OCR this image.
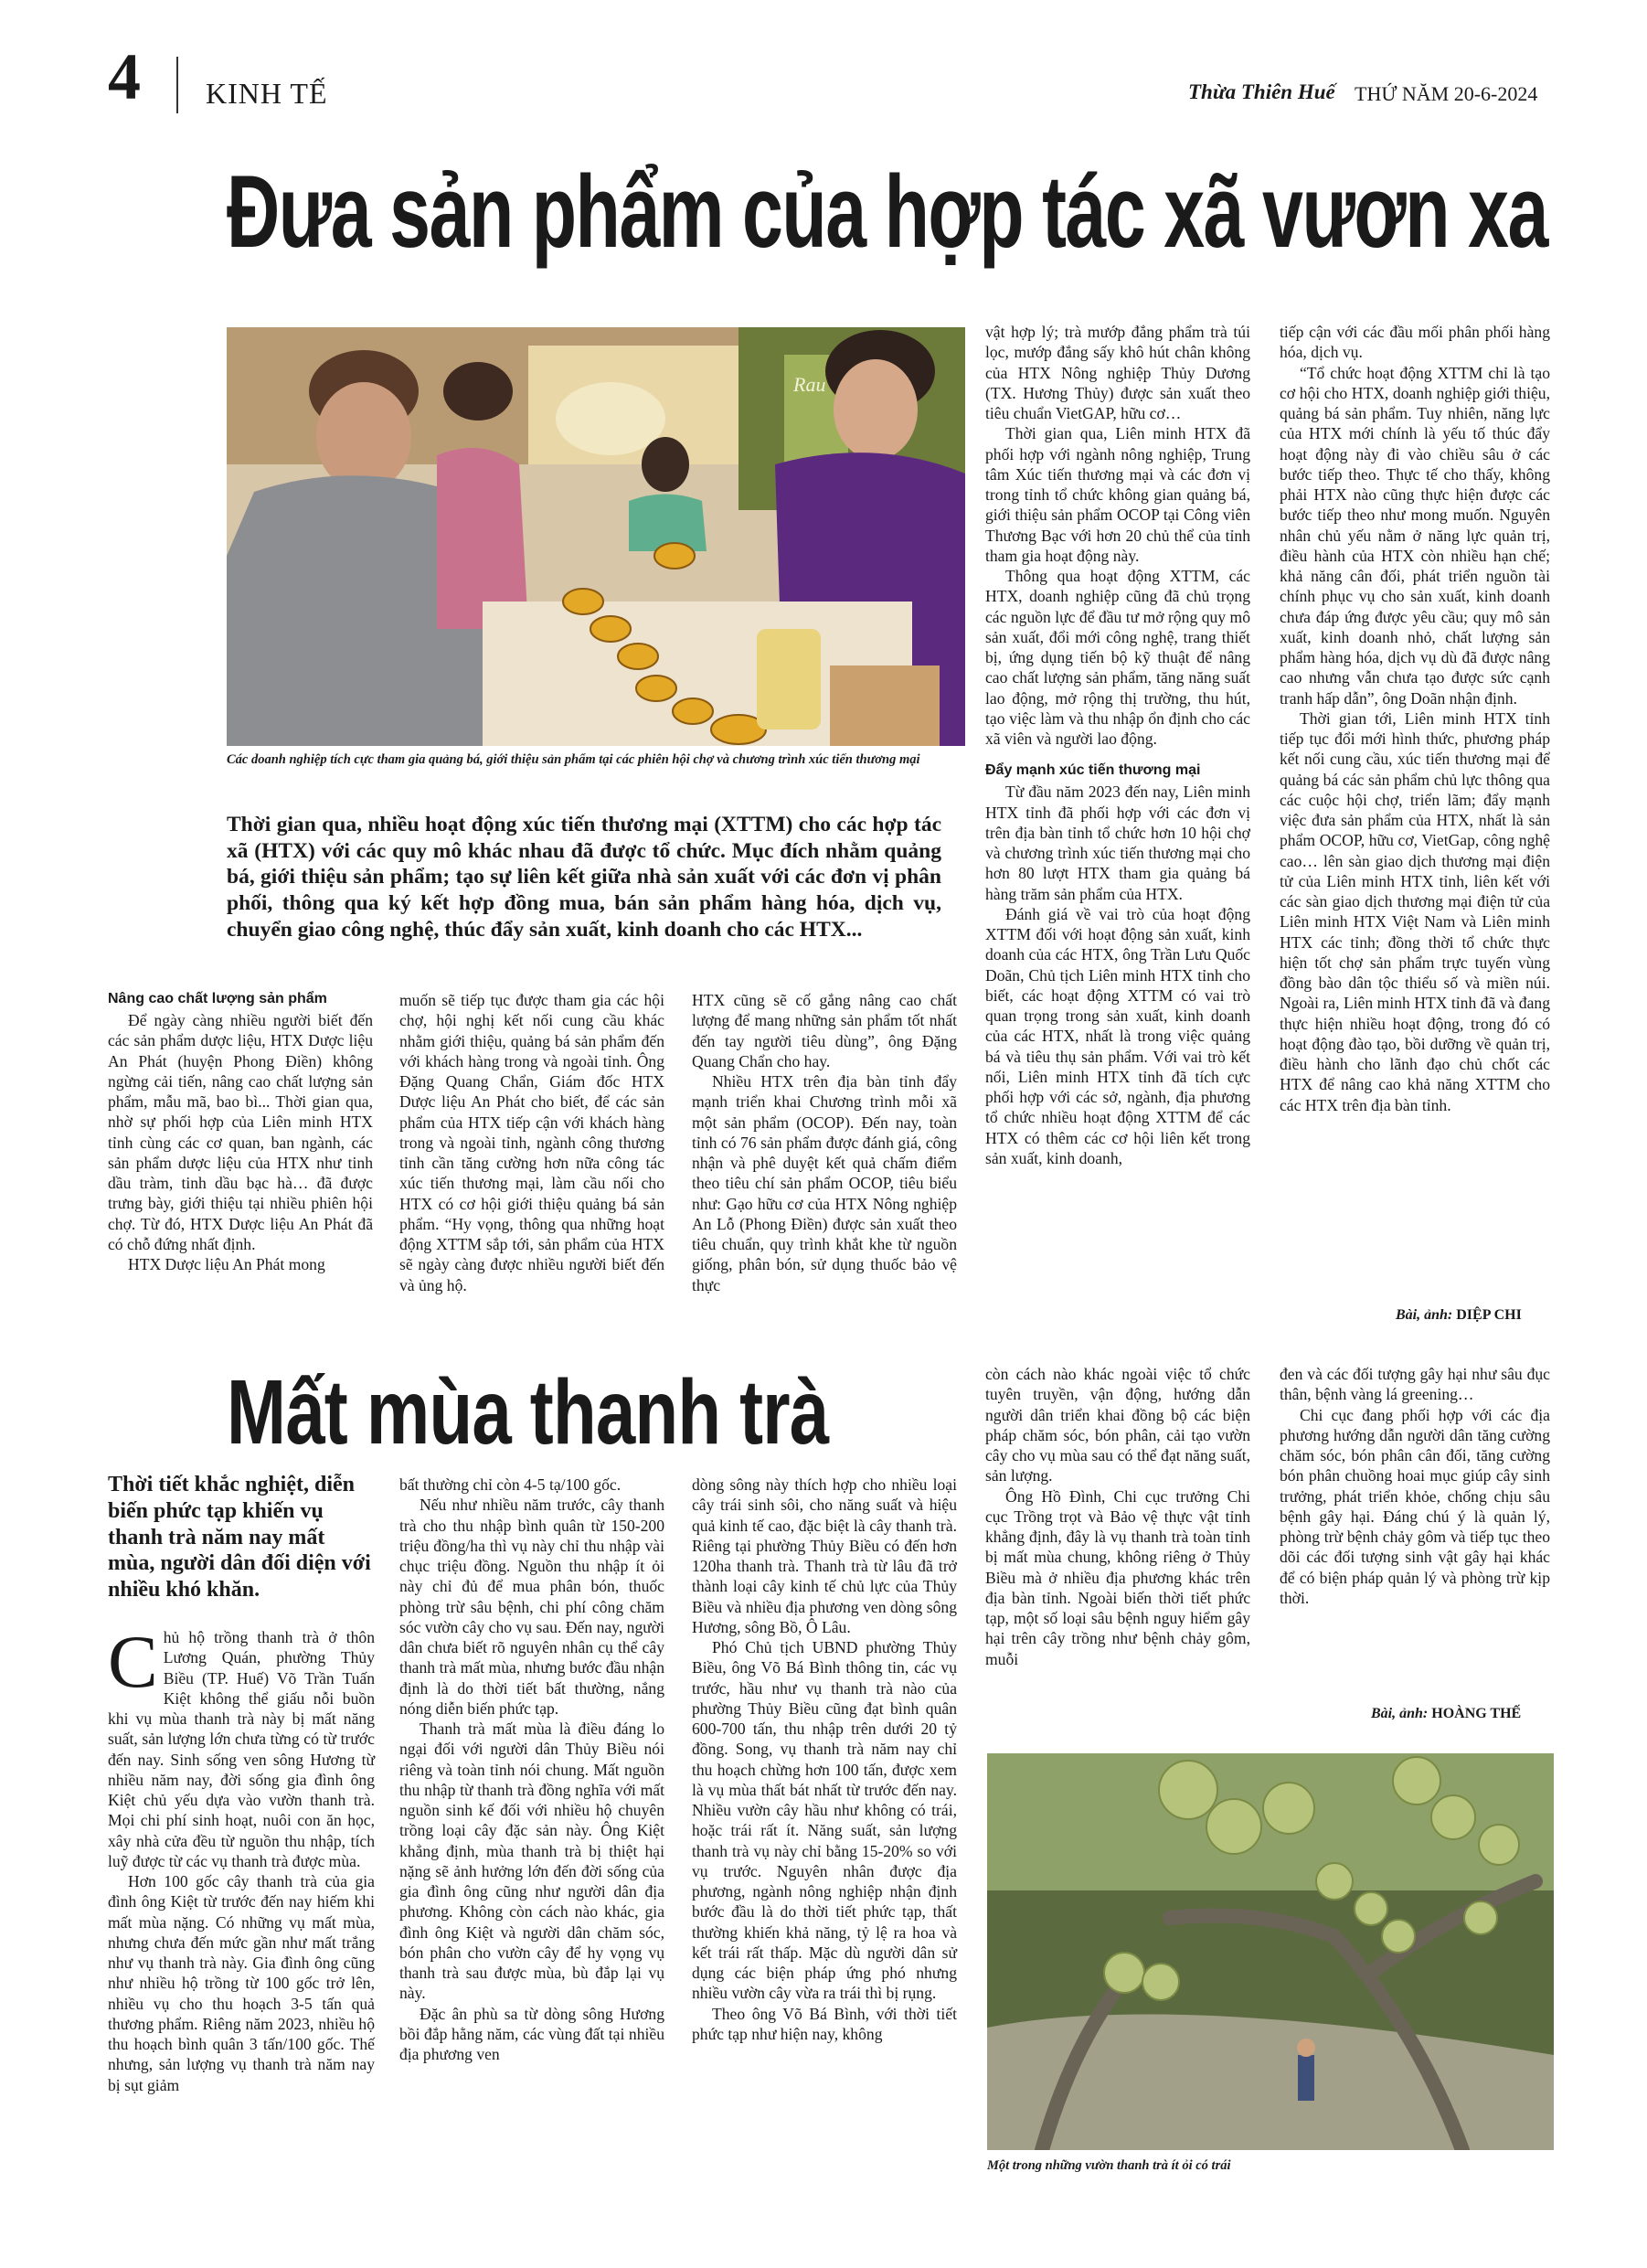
4 KINH TẾ	Thừa Thiên Huế THỨ NĂM 20-6-2024
Đưa sản phẩm của hợp tác xã vươn xa
Rau
Các doanh nghiệp tích cực tham gia quảng bá, giới thiệu sản phẩm tại các phiên hội chợ và chương trình xúc tiến thương mại
Thời gian qua, nhiều hoạt động xúc tiến thương mại (XTTM) cho các hợp tác xã (HTX) với các quy mô khác nhau đã được tổ chức. Mục đích nhằm quảng bá, giới thiệu sản phẩm; tạo sự liên kết giữa nhà sản xuất với các đơn vị phân phối, thông qua ký kết hợp đồng mua, bán sản phẩm hàng hóa, dịch vụ, chuyển giao công nghệ, thúc đẩy sản xuất, kinh doanh cho các HTX...
Nâng cao chất lượng sản phẩm

Để ngày càng nhiều người biết đến các sản phẩm dược liệu, HTX Dược liệu An Phát (huyện Phong Điền) không ngừng cải tiến, nâng cao chất lượng sản phẩm, mẫu mã, bao bì... Thời gian qua, nhờ sự phối hợp của Liên minh HTX tỉnh cùng các cơ quan, ban ngành, các sản phẩm dược liệu của HTX như tinh dầu tràm, tinh dầu bạc hà… đã được trưng bày, giới thiệu tại nhiều phiên hội chợ. Từ đó, HTX Dược liệu An Phát đã có chỗ đứng nhất định.

HTX Dược liệu An Phát mong

muốn sẽ tiếp tục được tham gia các hội chợ, hội nghị kết nối cung cầu khác nhằm giới thiệu, quảng bá sản phẩm đến với khách hàng trong và ngoài tỉnh. Ông Đặng Quang Chẩn, Giám đốc HTX Dược liệu An Phát cho biết, để các sản phẩm của HTX tiếp cận với khách hàng trong và ngoài tỉnh, ngành công thương tỉnh cần tăng cường hơn nữa công tác xúc tiến thương mại, làm cầu nối cho HTX có cơ hội giới thiệu quảng bá sản phẩm. “Hy vọng, thông qua những hoạt động XTTM sắp tới, sản phẩm của HTX sẽ ngày càng được nhiều người biết đến và ủng hộ.

HTX cũng sẽ cố gắng nâng cao chất lượng để mang những sản phẩm tốt nhất đến tay người tiêu dùng”, ông Đặng Quang Chẩn cho hay.

Nhiều HTX trên địa bàn tỉnh đẩy mạnh triển khai Chương trình mỗi xã một sản phẩm (OCOP). Đến nay, toàn tỉnh có 76 sản phẩm được đánh giá, công nhận và phê duyệt kết quả chấm điểm theo tiêu chí sản phẩm OCOP, tiêu biểu như: Gạo hữu cơ của HTX Nông nghiệp An Lỗ (Phong Điền) được sản xuất theo tiêu chuẩn, quy trình khắt khe từ nguồn giống, phân bón, sử dụng thuốc bảo vệ thực

vật hợp lý; trà mướp đắng phẩm trà túi lọc, mướp đắng sấy khô hút chân không của HTX Nông nghiệp Thủy Dương (TX. Hương Thủy) được sản xuất theo tiêu chuẩn VietGAP, hữu cơ…

Thời gian qua, Liên minh HTX đã phối hợp với ngành nông nghiệp, Trung tâm Xúc tiến thương mại và các đơn vị trong tỉnh tổ chức không gian quảng bá, giới thiệu sản phẩm OCOP tại Công viên Thương Bạc với hơn 20 chủ thể của tỉnh tham gia hoạt động này.

Thông qua hoạt động XTTM, các HTX, doanh nghiệp cũng đã chủ trọng các nguồn lực để đầu tư mở rộng quy mô sản xuất, đổi mới công nghệ, trang thiết bị, ứng dụng tiến bộ kỹ thuật để nâng cao chất lượng sản phẩm, tăng năng suất lao động, mở rộng thị trường, thu hút, tạo việc làm và thu nhập ổn định cho các xã viên và người lao động.

Đẩy mạnh xúc tiến thương mại

Từ đầu năm 2023 đến nay, Liên minh HTX tỉnh đã phối hợp với các đơn vị trên địa bàn tỉnh tổ chức hơn 10 hội chợ và chương trình xúc tiến thương mại cho hơn 80 lượt HTX tham gia quảng bá hàng trăm sản phẩm của HTX.

Đánh giá về vai trò của hoạt động XTTM đối với hoạt động sản xuất, kinh doanh của các HTX, ông Trần Lưu Quốc Doãn, Chủ tịch Liên minh HTX tỉnh cho biết, các hoạt động XTTM có vai trò quan trọng trong sản xuất, kinh doanh của các HTX, nhất là trong việc quảng bá và tiêu thụ sản phẩm. Với vai trò kết nối, Liên minh HTX tỉnh đã tích cực phối hợp với các sở, ngành, địa phương tổ chức nhiều hoạt động XTTM để các HTX có thêm các cơ hội liên kết trong sản xuất, kinh doanh,

tiếp cận với các đầu mối phân phối hàng hóa, dịch vụ.

“Tổ chức hoạt động XTTM chỉ là tạo cơ hội cho HTX, doanh nghiệp giới thiệu, quảng bá sản phẩm. Tuy nhiên, năng lực của HTX mới chính là yếu tố thúc đẩy hoạt động này đi vào chiều sâu ở các bước tiếp theo. Thực tế cho thấy, không phải HTX nào cũng thực hiện được các bước tiếp theo như mong muốn. Nguyên nhân chủ yếu nằm ở năng lực quản trị, điều hành của HTX còn nhiều hạn chế; khả năng cân đối, phát triển nguồn tài chính phục vụ cho sản xuất, kinh doanh chưa đáp ứng được yêu cầu; quy mô sản xuất, kinh doanh nhỏ, chất lượng sản phẩm hàng hóa, dịch vụ dù đã được nâng cao nhưng vẫn chưa tạo được sức cạnh tranh hấp dẫn”, ông Doãn nhận định.

Thời gian tới, Liên minh HTX tỉnh tiếp tục đổi mới hình thức, phương pháp kết nối cung cầu, xúc tiến thương mại để quảng bá các sản phẩm chủ lực thông qua các cuộc hội chợ, triển lãm; đẩy mạnh việc đưa sản phẩm của HTX, nhất là sản phẩm OCOP, hữu cơ, VietGap, công nghệ cao… lên sàn giao dịch thương mại điện tử của Liên minh HTX tỉnh, liên kết với các sàn giao dịch thương mại điện tử của Liên minh HTX Việt Nam và Liên minh HTX các tỉnh; đồng thời tổ chức thực hiện tốt chợ sản phẩm trực tuyến vùng đồng bào dân tộc thiểu số và miền núi. Ngoài ra, Liên minh HTX tỉnh đã và đang thực hiện nhiều hoạt động, trong đó có hoạt động đào tạo, bồi dưỡng về quản trị, điều hành cho lãnh đạo chủ chốt các HTX để nâng cao khả năng XTTM cho các HTX trên địa bàn tỉnh.

Bài, ảnh: DIỆP CHI
Mất mùa thanh trà
Thời tiết khắc nghiệt, diễn biến phức tạp khiến vụ thanh trà năm nay mất mùa, người dân đối diện với nhiều khó khăn.

Chủ hộ trồng thanh trà ở thôn Lương Quán, phường Thủy Biều (TP. Huế) Võ Trần Tuấn Kiệt không thể giấu nỗi buồn khi vụ mùa thanh trà này bị mất năng suất, sản lượng lớn chưa từng có từ trước đến nay. Sinh sống ven sông Hương từ nhiều năm nay, đời sống gia đình ông Kiệt chủ yếu dựa vào vườn thanh trà. Mọi chi phí sinh hoạt, nuôi con ăn học, xây nhà cửa đều từ nguồn thu nhập, tích luỹ được từ các vụ thanh trà được mùa.

Hơn 100 gốc cây thanh trà của gia đình ông Kiệt từ trước đến nay hiếm khi mất mùa nặng. Có những vụ mất mùa, nhưng chưa đến mức gần như mất trắng như vụ thanh trà này. Gia đình ông cũng như nhiều hộ trồng từ 100 gốc trở lên, nhiều vụ cho thu hoạch 3-5 tấn quả thương phẩm. Riêng năm 2023, nhiều hộ thu hoạch bình quân 3 tấn/100 gốc. Thế nhưng, sản lượng vụ thanh trà năm nay bị sụt giảm

bất thường chỉ còn 4-5 tạ/100 gốc.

Nếu như nhiều năm trước, cây thanh trà cho thu nhập bình quân từ 150-200 triệu đồng/ha thì vụ này chỉ thu nhập vài chục triệu đồng. Nguồn thu nhập ít ỏi này chỉ đủ để mua phân bón, thuốc phòng trừ sâu bệnh, chi phí công chăm sóc vườn cây cho vụ sau. Đến nay, người dân chưa biết rõ nguyên nhân cụ thể cây thanh trà mất mùa, nhưng bước đầu nhận định là do thời tiết bất thường, nắng nóng diễn biến phức tạp.

Thanh trà mất mùa là điều đáng lo ngại đối với người dân Thủy Biều nói riêng và toàn tỉnh nói chung. Mất nguồn thu nhập từ thanh trà đồng nghĩa với mất nguồn sinh kế đối với nhiều hộ chuyên trồng loại cây đặc sản này. Ông Kiệt khẳng định, mùa thanh trà bị thiệt hại nặng sẽ ảnh hưởng lớn đến đời sống của gia đình ông cũng như người dân địa phương. Không còn cách nào khác, gia đình ông Kiệt và người dân chăm sóc, bón phân cho vườn cây để hy vọng vụ thanh trà sau được mùa, bù đắp lại vụ này.

Đặc ân phù sa từ dòng sông Hương bồi đắp hằng năm, các vùng đất tại nhiều địa phương ven

dòng sông này thích hợp cho nhiều loại cây trái sinh sôi, cho năng suất và hiệu quả kinh tế cao, đặc biệt là cây thanh trà. Riêng tại phường Thủy Biều có đến hơn 120ha thanh trà. Thanh trà từ lâu đã trở thành loại cây kinh tế chủ lực của Thủy Biều và nhiều địa phương ven dòng sông Hương, sông Bồ, Ô Lâu.

Phó Chủ tịch UBND phường Thủy Biều, ông Võ Bá Bình thông tin, các vụ trước, hầu như vụ thanh trà nào của phường Thủy Biều cũng đạt bình quân 600-700 tấn, thu nhập trên dưới 20 tỷ đồng. Song, vụ thanh trà năm nay chỉ thu hoạch chừng hơn 100 tấn, được xem là vụ mùa thất bát nhất từ trước đến nay. Nhiều vườn cây hầu như không có trái, hoặc trái rất ít. Năng suất, sản lượng thanh trà vụ này chỉ bằng 15-20% so với vụ trước. Nguyên nhân được địa phương, ngành nông nghiệp nhận định bước đầu là do thời tiết phức tạp, thất thường khiến khả năng, tỷ lệ ra hoa và kết trái rất thấp. Mặc dù người dân sử dụng các biện pháp ứng phó nhưng nhiều vườn cây vừa ra trái thì bị rụng.

Theo ông Võ Bá Bình, với thời tiết phức tạp như hiện nay, không

còn cách nào khác ngoài việc tổ chức tuyên truyền, vận động, hướng dẫn người dân triển khai đồng bộ các biện pháp chăm sóc, bón phân, cải tạo vườn cây cho vụ mùa sau có thể đạt năng suất, sản lượng.

Ông Hồ Đình, Chi cục trưởng Chi cục Trồng trọt và Bảo vệ thực vật tỉnh khẳng định, đây là vụ thanh trà toàn tỉnh bị mất mùa chung, không riêng ở Thủy Biều mà ở nhiều địa phương khác trên địa bàn tỉnh. Ngoài biến thời tiết phức tạp, một số loại sâu bệnh nguy hiểm gây hại trên cây trồng như bệnh chảy gôm, muỗi

đen và các đối tượng gây hại như sâu đục thân, bệnh vàng lá greening…

Chi cục đang phối hợp với các địa phương hướng dẫn người dân tăng cường chăm sóc, bón phân cân đối, tăng cường bón phân chuồng hoai mục giúp cây sinh trưởng, phát triển khỏe, chống chịu sâu bệnh gây hại. Đáng chú ý là quản lý, phòng trừ bệnh chảy gôm và tiếp tục theo dõi các đối tượng sinh vật gây hại khác để có biện pháp quản lý và phòng trừ kịp thời.

Bài, ảnh: HOÀNG THẾ
Một trong những vườn thanh trà ít ỏi có trái
